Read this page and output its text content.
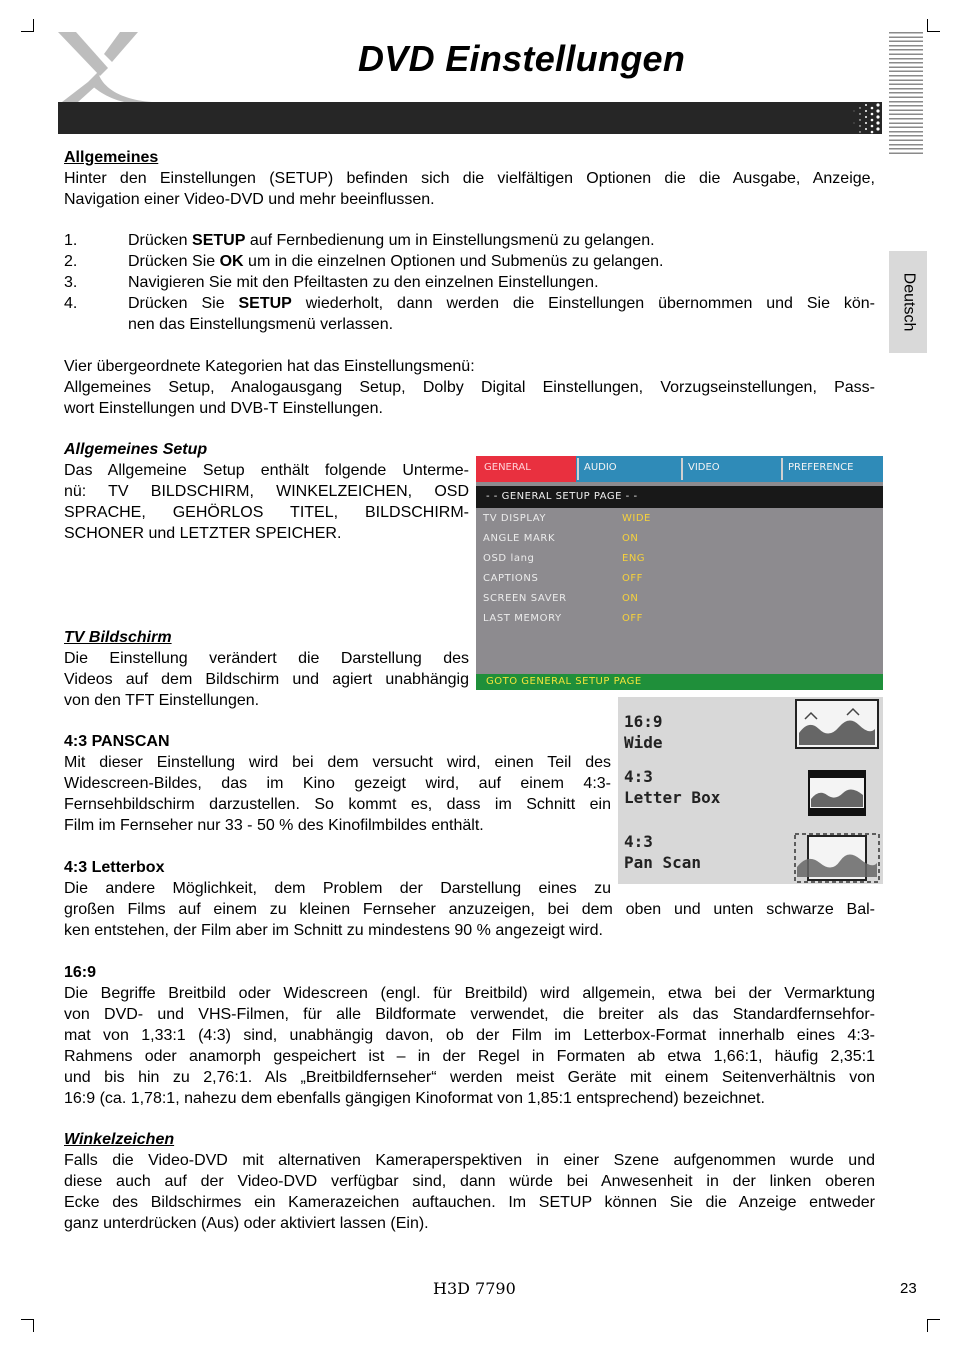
DVD Einstellungen
Deutsch
Allgemeines
Hinter den Einstellungen (SETUP) befinden sich die vielfältigen Optionen die die Ausgabe, Anzeige,
Navigation einer Video-DVD und mehr beeinflussen.
1.	Drücken SETUP auf Fernbedienung um in Einstellungsmenü zu gelangen.
2.	Drücken Sie OK um in die einzelnen Optionen und Submenüs zu gelangen.
3.	Navigieren Sie mit den Pfeiltasten zu den einzelnen Einstellungen.
4.	Drücken Sie SETUP wiederholt, dann werden die Einstellungen übernommen und Sie kön-
nen das Einstellungsmenü verlassen.
Vier übergeordnete Kategorien hat das Einstellungsmenü:
Allgemeines Setup, Analogausgang Setup, Dolby Digital Einstellungen, Vorzugseinstellungen, Pass-
wort Einstellungen und DVB-T Einstellungen.
Allgemeines Setup
Das Allgemeine Setup enthält folgende Unterme-
nü: TV BILDSCHIRM, WINKELZEICHEN, OSD
SPRACHE, GEHÖRLOS TITEL, BILDSCHIRM-
SCHONER und LETZTER SPEICHER.
GENERAL	AUDIO	VIDEO	PREFERENCE
- - GENERAL SETUP PAGE - -
TV DISPLAY	WIDE
ANGLE MARK	ON
OSD lang	ENG
CAPTIONS	OFF
SCREEN SAVER	ON
LAST MEMORY	OFF
GOTO GENERAL SETUP PAGE
TV Bildschirm
Die Einstellung verändert die Darstellung des
Videos auf dem Bildschirm und agiert unabhängig
von den TFT Einstellungen.
16:9
Wide
4:3
Letter Box
4:3
Pan Scan
4:3 PANSCAN
Mit dieser Einstellung wird bei dem versucht wird, einen Teil des
Widescreen-Bildes, das im Kino gezeigt wird, auf einem 4:3-
Fernsehbildschirm darzustellen. So kommt es, dass im Schnitt ein
Film im Fernseher nur 33 - 50 % des Kinofilmbildes enthält.
4:3 Letterbox
Die andere Möglichkeit, dem Problem der Darstellung eines zu
großen Films auf einem zu kleinen Fernseher anzuzeigen, bei dem oben und unten schwarze Bal-
ken entstehen, der Film aber im Schnitt zu mindestens 90 % angezeigt wird.
16:9
Die Begriffe Breitbild oder Widescreen (engl. für Breitbild) wird allgemein, etwa bei der Vermarktung
von DVD- und VHS-Filmen, für alle Bildformate verwendet, die breiter als das Standardfernsehfor-
mat von 1,33:1 (4:3) sind, unabhängig davon, ob der Film im Letterbox-Format innerhalb eines 4:3-
Rahmens oder anamorph gespeichert ist – in der Regel in Formaten ab etwa 1,66:1, häufig 2,35:1
und bis hin zu 2,76:1. Als „Breitbildfernseher“ werden meist Geräte mit einem Seitenverhältnis von
16:9 (ca. 1,78:1, nahezu dem ebenfalls gängigen Kinoformat von 1,85:1 entsprechend) bezeichnet.
Winkelzeichen
Falls die Video-DVD mit alternativen Kameraperspektiven in einer Szene aufgenommen wurde und
diese auch auf der Video-DVD verfügbar sind, dann würde bei Anwesenheit in der linken oberen
Ecke des Bildschirmes ein Kamerazeichen auftauchen. Im SETUP können Sie die Anzeige entweder
ganz unterdrücken (Aus) oder aktiviert lassen (Ein).
H3D 7790	23
